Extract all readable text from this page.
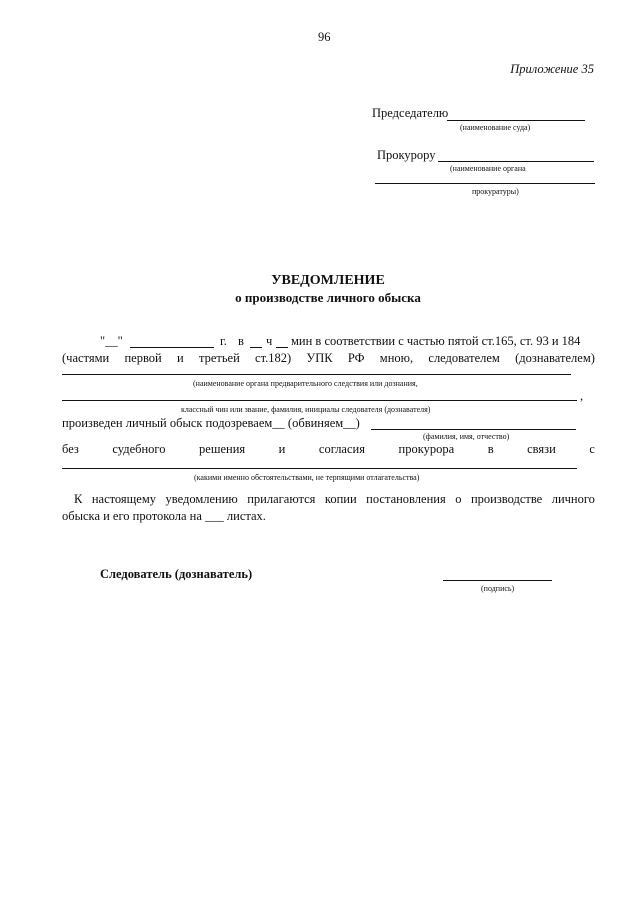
96
Приложение 35
Председателю
(наименование суда)
Прокурору
(наименование органа
прокуратуры)
УВЕДОМЛЕНИЕ
о производстве личного обыска
"__"	г. в ч мин в соответствии с частью пятой ст.165, ст. 93 и 184
(частями первой и третьей ст.182) УПК РФ мною, следователем (дознавателем)
(наименование органа предварительного следствия или дознания,
,
классный чин или звание, фамилия, инициалы следователя (дознавателя)
произведен личный обыск подозреваем__ (обвиняем__)
(фамилия, имя, отчество)
без	судебного	решения	и	согласия	прокурора	в	связи	с
(какими именно обстоятельствами, не терпящими отлагательства)
К настоящему уведомлению прилагаются копии постановления о производстве личного
обыска и его протокола на ___ листах.
Следователь (дознаватель)
(подпись)
